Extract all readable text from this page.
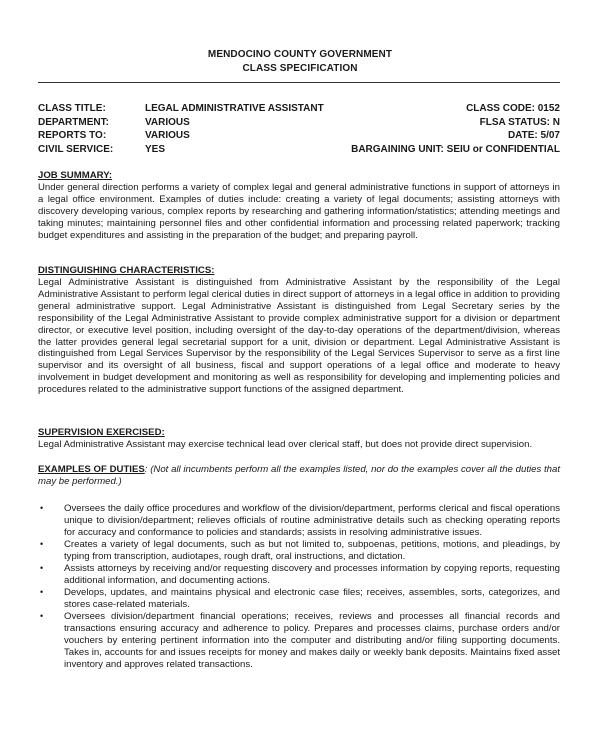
MENDOCINO COUNTY GOVERNMENT
CLASS SPECIFICATION
CLASS TITLE:	LEGAL ADMINISTRATIVE ASSISTANT	CLASS CODE: 0152
DEPARTMENT:	VARIOUS	FLSA STATUS: N
REPORTS TO:	VARIOUS	DATE: 5/07
CIVIL SERVICE:	YES	BARGAINING UNIT: SEIU or CONFIDENTIAL
JOB SUMMARY:

Under general direction performs a variety of complex legal and general administrative functions in support of attorneys in a legal office environment. Examples of duties include: creating a variety of legal documents; assisting attorneys with discovery developing various, complex reports by researching and gathering information/statistics; attending meetings and taking minutes; maintaining personnel files and other confidential information and processing related paperwork; tracking budget expenditures and assisting in the preparation of the budget; and preparing payroll.

DISTINGUISHING CHARACTERISTICS:

Legal Administrative Assistant is distinguished from Administrative Assistant by the responsibility of the Legal Administrative Assistant to perform legal clerical duties in direct support of attorneys in a legal office in addition to providing general administrative support. Legal Administrative Assistant is distinguished from Legal Secretary series by the responsibility of the Legal Administrative Assistant to provide complex administrative support for a division or department director, or executive level position, including oversight of the day-to-day operations of the department/division, whereas the latter provides general legal secretarial support for a unit, division or department. Legal Administrative Assistant is distinguished from Legal Services Supervisor by the responsibility of the Legal Services Supervisor to serve as a first line supervisor and its oversight of all business, fiscal and support operations of a legal office and moderate to heavy involvement in budget development and monitoring as well as responsibility for developing and implementing policies and procedures related to the administrative support functions of the assigned department.

SUPERVISION EXERCISED:

Legal Administrative Assistant may exercise technical lead over clerical staff, but does not provide direct supervision.

EXAMPLES OF DUTIES: (Not all incumbents perform all the examples listed, nor do the examples cover all the duties that may be performed.)

• Oversees the daily office procedures and workflow of the division/department, performs clerical and fiscal operations unique to division/department; relieves officials of routine administrative details such as checking operating reports for accuracy and conformance to policies and standards; assists in resolving administrative issues.
• Creates a variety of legal documents, such as but not limited to, subpoenas, petitions, motions, and pleadings, by typing from transcription, audiotapes, rough draft, oral instructions, and dictation.
• Assists attorneys by receiving and/or requesting discovery and processes information by copying reports, requesting additional information, and documenting actions.
• Develops, updates, and maintains physical and electronic case files; receives, assembles, sorts, categorizes, and stores case-related materials.
• Oversees division/department financial operations; receives, reviews and processes all financial records and transactions ensuring accuracy and adherence to policy. Prepares and processes claims, purchase orders and/or vouchers by entering pertinent information into the computer and distributing and/or filing supporting documents. Takes in, accounts for and issues receipts for money and makes daily or weekly bank deposits. Maintains fixed asset inventory and approves related transactions.
